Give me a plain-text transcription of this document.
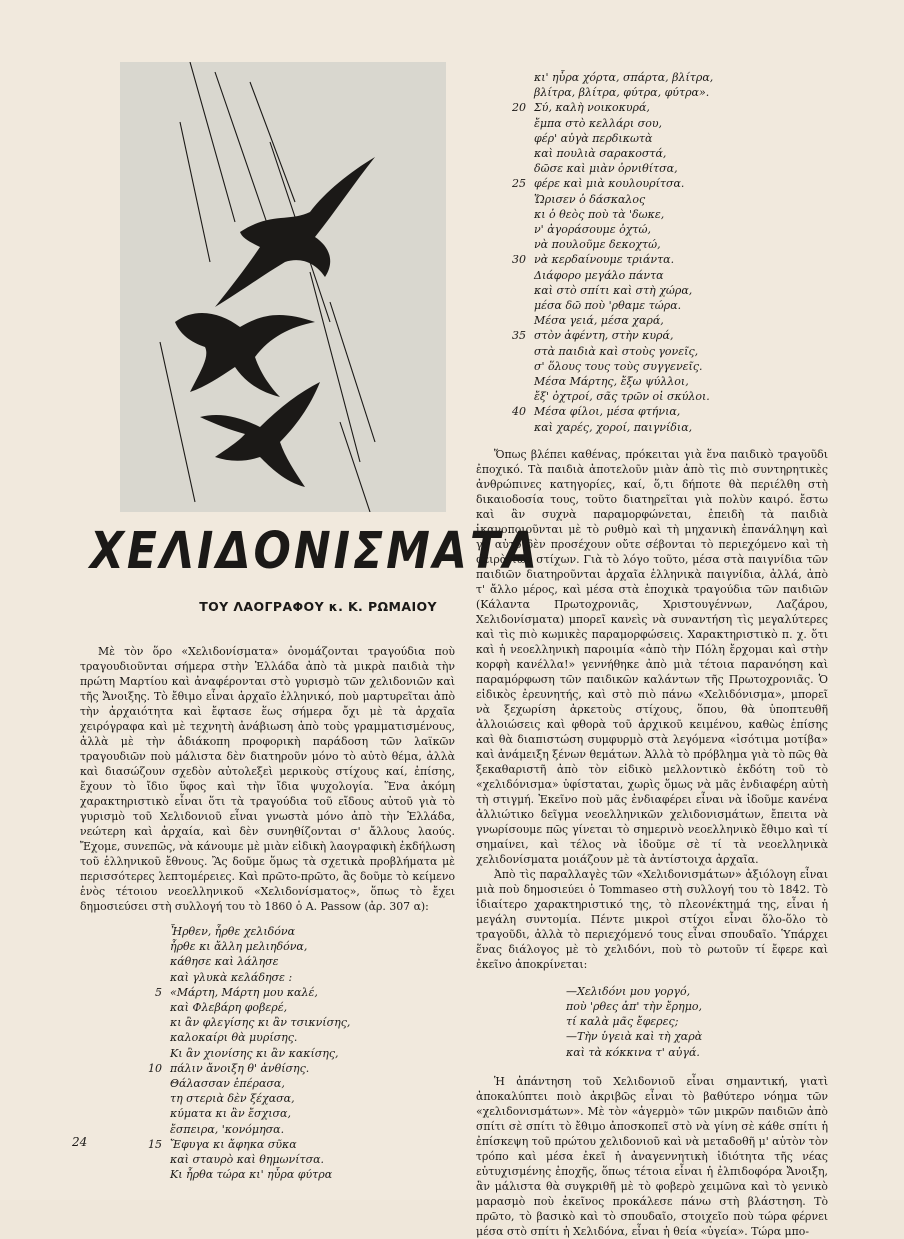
ΧΕΛΙΔΟΝΙΣΜΑΤΑ
ΤΟΥ ΛΑΟΓΡΑΦΟΥ κ. Κ. ΡΩΜΑΙΟΥ

Μὲ τὸν ὅρο «Χελιδονίσματα» ὀνομάζονται τραγούδια ποὺ τραγουδιοῦνται σήμερα στὴν Ἑλλάδα ἀπὸ τὰ μικρὰ παιδιὰ τὴν πρώτη Μαρτίου καὶ ἀναφέρονται στὸ γυρισμὸ τῶν χελιδονιῶν καὶ τῆς Ἄνοιξης. Τὸ ἔθιμο εἶναι ἀρχαῖο ἑλληνικό, ποὺ μαρτυρεῖται ἀπὸ τὴν ἀρχαιότητα καὶ ἔφτασε ἕως σήμερα ὄχι μὲ τὰ ἀρχαῖα χειρόγραφα καὶ μὲ τεχνητὴ ἀνάβιωση ἀπὸ τοὺς γραμματισμένους, ἀλλὰ μὲ τὴν ἀδιάκοπη προφορικὴ παράδοση τῶν λαϊκῶν τραγουδιῶν ποὺ μάλιστα δὲν διατηροῦν μόνο τὸ αὐτὸ θέμα, ἀλλὰ καὶ διασώζουν σχεδὸν αὐτολεξεὶ μερικοὺς στίχους καί, ἐπίσης, ἔχουν τὸ ἴδιο ὕφος καὶ τὴν ἴδια ψυχολογία. Ἕνα ἀκόμη χαρακτηριστικὸ εἶναι ὅτι τὰ τραγούδια τοῦ εἴδους αὐτοῦ γιὰ τὸ γυρισμὸ τοῦ Χελιδονιοῦ εἶναι γνωστὰ μόνο ἀπὸ τὴν Ἑλλάδα, νεώτερη καὶ ἀρχαία, καὶ δὲν συνηθίζονται σ' ἄλλους λαούς. Ἔχομε, συνεπῶς, νὰ κάνουμε μὲ μιὰν εἰδικὴ λαογραφικὴ ἐκδήλωση τοῦ ἑλληνικοῦ ἔθνους. Ἂς δοῦμε ὅμως τὰ σχετικὰ προβλήματα μὲ περισσότερες λεπτομέρειες. Καὶ πρῶτο-πρῶτο, ἂς δοῦμε τὸ κείμενο ἑνὸς τέτοιου νεοελληνικοῦ «Χελιδονίσματος», ὅπως τὸ ἔχει δημοσιεύσει στὴ συλλογή του τὸ 1860 ὁ A. Passow (ἀρ. 307 α):

Ἦρθεν, ἦρθε χελιδόνα
ἦρθε κι ἄλλη μελιηδόνα,
κάθησε καὶ λάλησε
καὶ γλυκὰ κελάδησε :
5 «Μάρτη, Μάρτη μου καλέ,
καὶ Φλεβάρη φοβερέ,
κι ἂν φλεγίσης κι ἂν τσικνίσης,
καλοκαίρι θὰ μυρίσης.
Κι ἂν χιονίσης κι ἂν κακίσης,
10 πάλιν ἄνοιξη θ' ἀνθίσης.
Θάλασσαν ἐπέρασα,
τη στεριὰ δὲν ξέχασα,
κύματα κι ἂν ἔσχισα,
ἔσπειρα, 'κονόμησα.
15 Ἔφυγα κι ἄφηκα σῦκα
καὶ σταυρὸ καὶ θημωνίτσα.
Κι ἦρθα τώρα κι' ηὗρα φύτρα
κι' ηὗρα χόρτα, σπάρτα, βλίτρα,
βλίτρα, βλίτρα, φύτρα, φύτρα».
20 Σύ, καλὴ νοικοκυρά,
ἔμπα στὸ κελλάρι σου,
φέρ' αὐγὰ περδικωτὰ
καὶ πουλιὰ σαρακοστά,
δῶσε καὶ μιὰν ὀρνιθίτσα,
25 φέρε καὶ μιὰ κουλουρίτσα.
Ὥρισεν ὁ δάσκαλος
κι ὁ θεὸς ποὺ τὰ 'δωκε,
ν' ἀγοράσουμε ὀχτώ,
νὰ πουλοῦμε δεκοχτώ,
30 νὰ κερδαίνουμε τριάντα.
Διάφορο μεγάλο πάντα
καὶ στὸ σπίτι καὶ στὴ χώρα,
μέσα δῶ ποὺ 'ρθαμε τώρα.
Μέσα γειά, μέσα χαρά,
35 στὸν ἀφέντη, στὴν κυρά,
στὰ παιδιὰ καὶ στοὺς γονεῖς,
σ' ὅλους τους τοὺς συγγενεῖς.
Μέσα Μάρτης, ἔξω ψύλλοι,
ἔξ' ὀχτροί, σᾶς τρῶν οἱ σκύλοι.
40 Μέσα φίλοι, μέσα φτήνια,
καὶ χαρές, χοροί, παιγνίδια,

Ὅπως βλέπει καθένας, πρόκειται γιὰ ἕνα παιδικὸ τραγοῦδι ἐποχικό. Τὰ παιδιὰ ἀποτελοῦν μιὰν ἀπὸ τὶς πιὸ συντηρητικὲς ἀνθρώπινες κατηγορίες, καί, ὅ,τι δήποτε θὰ περιέλθη στὴ δικαιοδοσία τους, τοῦτο διατηρεῖται γιὰ πολὺν καιρό. ἔστω καὶ ἂν συχνὰ παραμορφώνεται, ἐπειδὴ τὰ παιδιὰ ἱκανοποιοῦνται μὲ τὸ ρυθμὸ καὶ τὴ μηχανικὴ ἐπανάληψη καὶ γι' αὐτὸ δὲν προσέχουν οὔτε σέβονται τὸ περιεχόμενο καὶ τὴ σειρὰ τῶν στίχων. Γιὰ τὸ λόγο τοῦτο, μέσα στὰ παιγνίδια τῶν παιδιῶν διατηροῦνται ἀρχαῖα ἑλληνικὰ παιγνίδια, ἀλλά, ἀπὸ τ' ἄλλο μέρος, καὶ μέσα στὰ ἐποχικὰ τραγούδια τῶν παιδιῶν (Κάλαντα Πρωτοχρονιᾶς, Χριστουγέννων, Λαζάρου, Χελιδονίσματα) μπορεῖ κανεὶς νὰ συναντήση τὶς μεγαλύτερες καὶ τὶς πιὸ κωμικὲς παραμορφώσεις. Χαρακτηριστικὸ π. χ. ὅτι καὶ ἡ νεοελληνικὴ παροιμία «ἀπὸ τὴν Πόλη ἔρχομαι καὶ στὴν κορφὴ κανέλλα!» γεννήθηκε ἀπὸ μιὰ τέτοια παρανόηση καὶ παραμόρφωση τῶν παιδικῶν καλάντων τῆς Πρωτοχρονιᾶς. Ὁ εἰδικὸς ἐρευνητής, καὶ στὸ πιὸ πάνω «Χελιδόνισμα», μπορεῖ νὰ ξεχωρίση ἀρκετοὺς στίχους, ὅπου, θὰ ὑποπτευθῆ ἀλλοιώσεις καὶ φθορὰ τοῦ ἀρχικοῦ κειμένου, καθὼς ἐπίσης καὶ θὰ διαπιστώση συμφυρμὸ στὰ λεγόμενα «ἰσότιμα μοτίβα» καὶ ἀνάμειξη ξένων θεμάτων. Ἀλλὰ τὸ πρόβλημα γιὰ τὸ πῶς θὰ ξεκαθαριστῆ ἀπὸ τὸν εἰδικὸ μελλοντικὸ ἐκδότη τοῦ τὸ «χελιδόνισμα» ὑφίσταται, χωρὶς ὅμως νὰ μᾶς ἐνδιαφέρη αὐτὴ τὴ στιγμή. Ἐκεῖνο ποὺ μᾶς ἐνδιαφέρει εἶναι νὰ ἰδοῦμε κανένα ἀλλιώτικο δεῖγμα νεοελληνικῶν χελιδονισμάτων, ἔπειτα νὰ γνωρίσουμε πῶς γίνεται τὸ σημερινὸ νεοελληνικὸ ἔθιμο καὶ τί σημαίνει, καὶ τέλος νὰ ἰδοῦμε σὲ τί τὰ νεοελληνικὰ χελιδονίσματα μοιάζουν μὲ τὰ ἀντίστοιχα ἀρχαῖα.

Ἀπὸ τὶς παραλλαγὲς τῶν «Χελιδονισμάτων» ἀξιόλογη εἶναι μιὰ ποὺ δημοσιεύει ὁ Tommaseo στὴ συλλογή του τὸ 1842. Τὸ ἰδιαίτερο χαρακτηριστικό της, τὸ πλεονέκτημά της, εἶναι ἡ μεγάλη συντομία. Πέντε μικροὶ στίχοι εἶναι ὅλο-ὅλο τὸ τραγοῦδι, ἀλλὰ τὸ περιεχόμενό τους εἶναι σπουδαῖο. Ὑπάρχει ἕνας διάλογος μὲ τὸ χελιδόνι, ποὺ τὸ ρωτοῦν τί ἔφερε καὶ ἐκεῖνο ἀποκρίνεται:

—Χελιδόνι μου γοργό,
ποὺ 'ρθες ἀπ' τὴν ἔρημο,
τί καλὰ μᾶς ἔφερες;
—Τὴν ὑγειὰ καὶ τὴ χαρὰ
καὶ τὰ κόκκινα τ' αὐγά.

Ἡ ἀπάντηση τοῦ Χελιδονιοῦ εἶναι σημαντική, γιατὶ ἀποκαλύπτει ποιὸ ἀκριβῶς εἶναι τὸ βαθύτερο νόημα τῶν «χελιδονισμάτων». Μὲ τὸν «ἀγερμὸ» τῶν μικρῶν παιδιῶν ἀπὸ σπίτι σὲ σπίτι τὸ ἔθιμο ἀποσκοπεῖ στὸ νὰ γίνη σὲ κάθε σπίτι ἡ ἐπίσκεψη τοῦ πρώτου χελιδονιοῦ καὶ νὰ μεταδοθῆ μ' αὐτὸν τὸν τρόπο καὶ μέσα ἐκεῖ ἡ ἀναγεννητικὴ ἰδιότητα τῆς νέας εὐτυχισμένης ἐποχῆς, ὅπως τέτοια εἶναι ἡ ἐλπιδοφόρα Ἄνοιξη, ἂν μάλιστα θὰ συγκριθῆ μὲ τὸ φοβερὸ χειμῶνα καὶ τὸ γενικὸ μαρασμὸ ποὺ ἐκεῖνος προκάλεσε πάνω στὴ βλάστηση. Τὸ πρῶτο, τὸ βασικὸ καὶ τὸ σπουδαῖο, στοιχεῖο ποὺ τώρα φέρνει μέσα στὸ σπίτι ἡ Χελιδόνα, εἶναι ἡ θεία «ὑγεία». Τώρα μπο-

24
